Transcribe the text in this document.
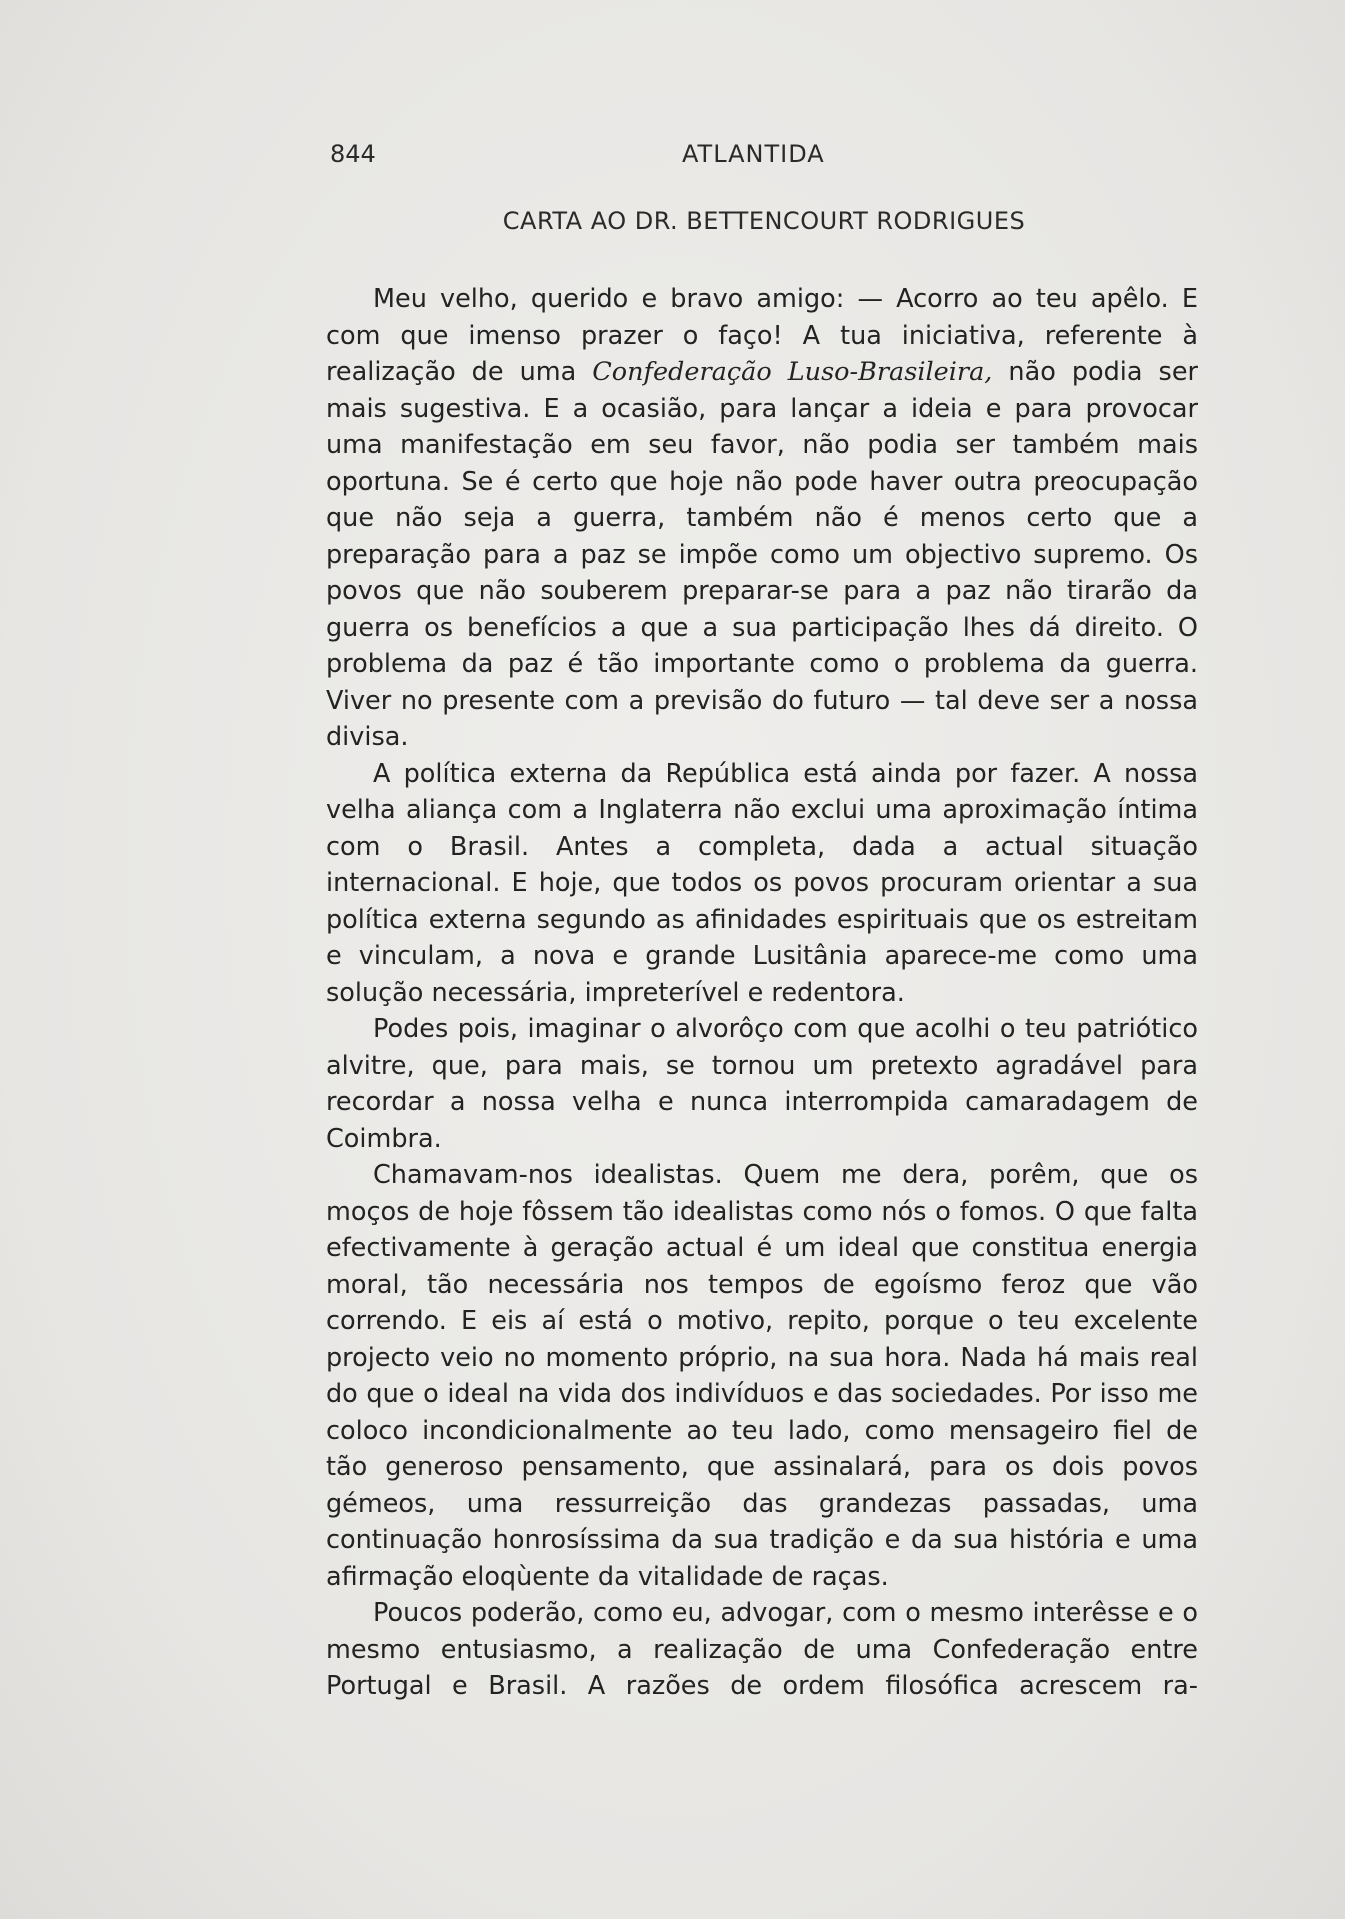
844	ATLANTIDA
CARTA AO DR. BETTENCOURT RODRIGUES

Meu velho, querido e bravo amigo: — Acorro ao teu apêlo. E com que imenso prazer o faço! A tua iniciativa, referente à realização de uma Confederação Luso-Brasileira, não podia ser mais sugestiva. E a ocasião, para lançar a ideia e para provocar uma manifestação em seu favor, não podia ser também mais oportuna. Se é certo que hoje não pode haver outra preocupação que não seja a guerra, também não é menos certo que a preparação para a paz se impõe como um objectivo supremo. Os povos que não souberem preparar-se para a paz não tirarão da guerra os benefícios a que a sua participação lhes dá direito. O problema da paz é tão importante como o problema da guerra. Viver no presente com a previsão do futuro — tal deve ser a nossa divisa.

A política externa da República está ainda por fazer. A nossa velha aliança com a Inglaterra não exclui uma aproximação íntima com o Brasil. Antes a completa, dada a actual situação internacional. E hoje, que todos os povos procuram orientar a sua política externa segundo as afinidades espirituais que os estreitam e vinculam, a nova e grande Lusitânia aparece-me como uma solução necessária, impreterível e redentora.

Podes pois, imaginar o alvorôço com que acolhi o teu patriótico alvitre, que, para mais, se tornou um pretexto agradável para recordar a nossa velha e nunca interrompida camaradagem de Coimbra.

Chamavam-nos idealistas. Quem me dera, porêm, que os moços de hoje fôssem tão idealistas como nós o fomos. O que falta efectivamente à geração actual é um ideal que constitua energia moral, tão necessária nos tempos de egoísmo feroz que vão correndo. E eis aí está o motivo, repito, porque o teu excelente projecto veio no momento próprio, na sua hora. Nada há mais real do que o ideal na vida dos indivíduos e das sociedades. Por isso me coloco incondicionalmente ao teu lado, como mensageiro fiel de tão generoso pensamento, que assinalará, para os dois povos gémeos, uma ressurreição das grandezas passadas, uma continuação honrosíssima da sua tradição e da sua história e uma afirmação eloqùente da vitalidade de raças.

Poucos poderão, como eu, advogar, com o mesmo interêsse e o mesmo entusiasmo, a realização de uma Confederação entre Portugal e Brasil. A razões de ordem filosófica acrescem ra-
